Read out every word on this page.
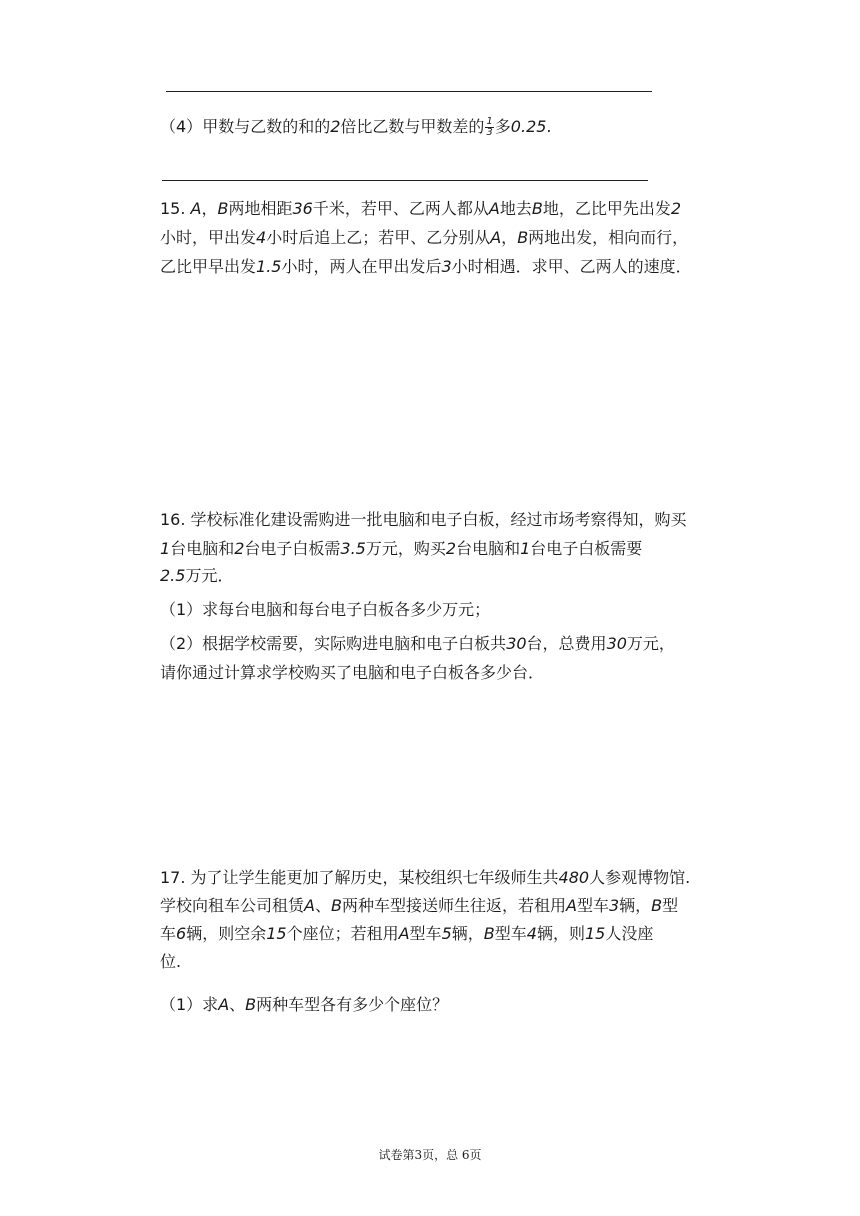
（4）甲数与乙数的和的2倍比乙数与甲数差的 $\frac{1}{3}$ 多0.25.
15. A，B两地相距36千米，若甲、乙两人都从A地去B地，乙比甲先出发2
小时，甲出发4小时后追上乙；若甲、乙分别从A，B两地出发，相向而行，
乙比甲早出发1.5小时，两人在甲出发后3小时相遇．求甲、乙两人的速度．
16. 学校标准化建设需购进一批电脑和电子白板，经过市场考察得知，购买
1台电脑和2台电子白板需3.5万元，购买2台电脑和1台电子白板需要
2.5万元．
（1）求每台电脑和每台电子白板各多少万元；
（2）根据学校需要，实际购进电脑和电子白板共30台，总费用30万元，
请你通过计算求学校购买了电脑和电子白板各多少台．
17. 为了让学生能更加了解历史，某校组织七年级师生共480人参观博物馆.
学校向租车公司租赁A、B两种车型接送师生往返，若租用A型车3辆，B型
车6辆，则空余15个座位；若租用A型车5辆，B型车4辆，则15人没座
位.
（1）求A、B两种车型各有多少个座位？
试卷第3页，总 6页
